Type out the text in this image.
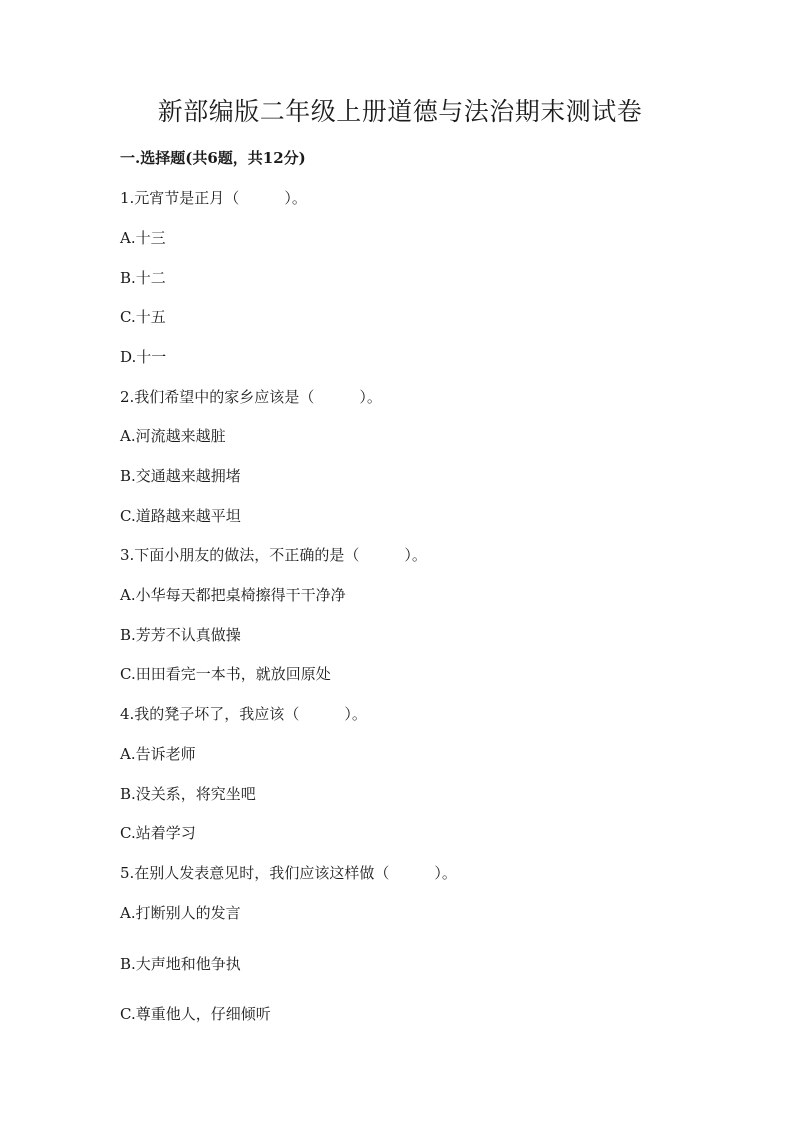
新部编版二年级上册道德与法治期末测试卷
一.选择题(共6题，共12分)
1.元宵节是正月（　　　）。
A.十三
B.十二
C.十五
D.十一
2.我们希望中的家乡应该是（　　　）。
A.河流越来越脏
B.交通越来越拥堵
C.道路越来越平坦
3.下面小朋友的做法，不正确的是（　　　）。
A.小华每天都把桌椅擦得干干净净
B.芳芳不认真做操
C.田田看完一本书，就放回原处
4.我的凳子坏了，我应该（　　　）。
A.告诉老师
B.没关系，将究坐吧
C.站着学习
5.在别人发表意见时，我们应该这样做（　　　）。
A.打断别人的发言
B.大声地和他争执
C.尊重他人，仔细倾听
